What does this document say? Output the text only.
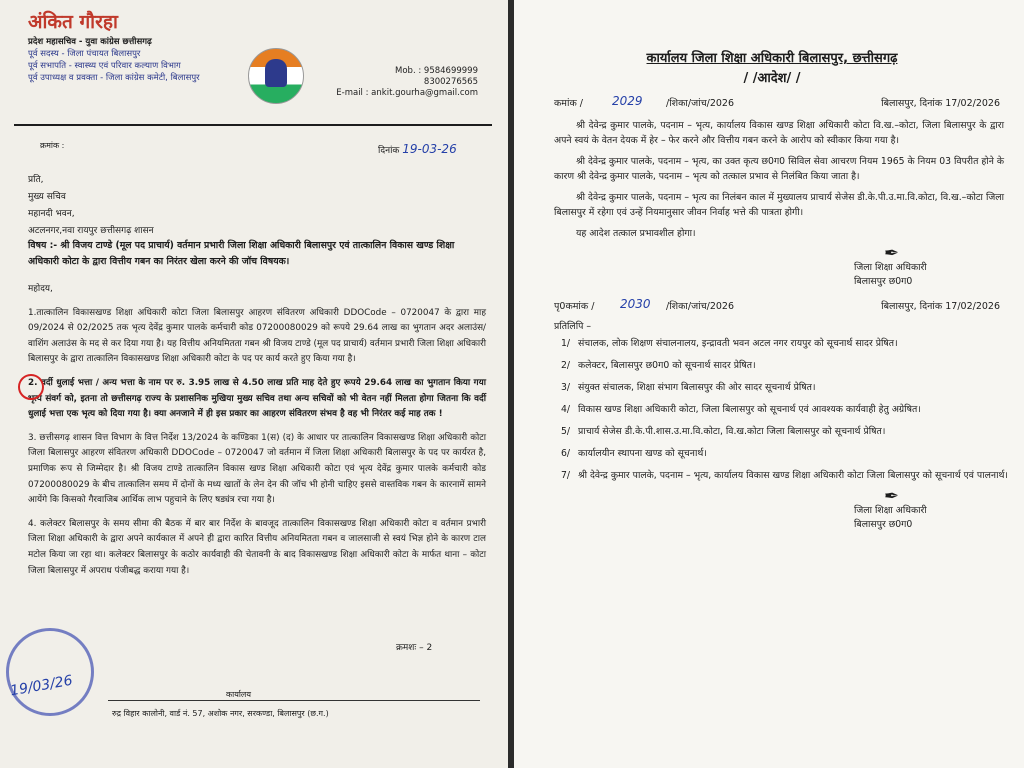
अंकित गौरहा
प्रदेश महासचिव - युवा कांग्रेस छत्तीसगढ़
पूर्व सदस्य - जिला पंचायत बिलासपुर
पूर्व सभापति - स्वास्थ्य एवं परिवार कल्याण विभाग
पूर्व उपाध्यक्ष व प्रवक्ता - जिला कांग्रेस कमेटी, बिलासपुर
Mob. : 9584699999
8300276565
E-mail : ankit.gourha@gmail.com
क्रमांक :
दिनांक 19-03-26
प्रति,
मुख्य सचिव
महानदी भवन,
अटलनगर,नवा रायपुर छत्तीसगढ़ शासन
विषय :- श्री विजय टाण्डे (मूल पद प्राचार्य) वर्तमान प्रभारी जिला शिक्षा अधिकारी बिलासपुर एवं तात्कालिन विकास खण्ड शिक्षा अधिकारी कोटा के द्वारा वित्तीय गबन का निरंतर खेला करने की जॉच विषयक।

महोदय,

1.तात्कालिन विकासखण्ड शिक्षा अधिकारी कोटा जिला बिलासपुर आहरण संवितरण अधिकारी DDOCode – 0720047 के द्वारा माह 09/2024 से 02/2025 तक भृत्य देवेंद्र कुमार पालके कर्मचारी कोड 07200080029 को रूपये 29.64 लाख का भुगतान अदर अलाउंस/वाशिंग अलाउंस के मद से कर दिया गया है। यह वित्तीय अनियमितता गबन श्री विजय टाण्डे (मूल पद प्राचार्य) वर्तमान प्रभारी जिला शिक्षा अधिकारी बिलासपुर के द्वारा तात्कालिन विकासखण्ड शिक्षा अधिकारी कोटा के पद पर कार्य करते हुए किया गया है।

2. वर्दी धुलाई भत्ता / अन्य भत्ता के नाम पर रु. 3.95 लाख से 4.50 लाख प्रति माह देते हुए रूपये 29.64 लाख का भुगतान किया गया भृत्य संवर्ग को, इतना तो छत्तीसगढ़ राज्य के प्रशासनिक मुखिया मुख्य सचिव तथा अन्य सचिवों को भी वेतन नहीं मिलता होगा जितना कि वर्दी धुलाई भत्ता एक भृत्य को दिया गया है। क्या अनजाने में ही इस प्रकार का आहरण संवितरण संभव है वह भी निरंतर कई माह तक !

3. छत्तीसगढ़ शासन वित्त विभाग के वित्त निर्देश 13/2024 के कण्डिका 1(स) (द) के आधार पर तात्कालिन विकासखण्ड शिक्षा अधिकारी कोटा जिला बिलासपुर आहरण संवितरण अधिकारी DDOCode – 0720047 जो वर्तमान में जिला शिक्षा अधिकारी बिलासपुर के पद पर कार्यरत है, प्रमाणिक रूप से जिम्मेदार है। श्री विजय टाण्डे तात्कालिन विकास खण्ड शिक्षा अधिकारी कोटा एवं भृत्य देवेंद्र कुमार पालके कर्मचारी कोड 07200080029 के बीच तात्कालिन समय में दोनों के मध्य खातों के लेन देन की जॉच भी होनी चाहिए इससे वास्तविक गबन के कारनामें सामने आयेंगे कि किसको गैरवाजिब आर्थिक लाभ पहुचाने के लिए षड्यंत्र रचा गया है।

4. कलेक्टर बिलासपुर के समय सीमा की बैठक में बार बार निर्देश के बावजूद तात्कालिन विकासखण्ड शिक्षा अधिकारी कोटा व वर्तमान प्रभारी जिला शिक्षा अधिकारी के द्वारा अपने कार्यकाल में अपने ही द्वारा कारित वित्तीय अनियमितता गबन व जालसाजी से स्वयं भिज्ञ होने के कारण टाल मटोल किया जा रहा था। कलेक्टर बिलासपुर के कठोर कार्यवाही की चेतावनी के बाद विकासखण्ड शिक्षा अधिकारी कोटा के मार्फत थाना – कोटा जिला बिलासपुर में अपराध पंजीबद्ध कराया गया है।

क्रमशः – 2
19/03/26	कार्यालय
रुद्र विहार कालोनी, वार्ड नं. 57, अशोक नगर, सरकण्डा, बिलासपुर (छ.ग.)
कार्यालय जिला शिक्षा अधिकारी बिलासपुर, छत्तीसगढ़
/ /आदेश/ /
कमांक / 2029 /शिका/जांच/2026	बिलासपुर, दिनांक 17/02/2026

श्री देवेन्द्र कुमार पालके, पदनाम – भृत्य, कार्यालय विकास खण्ड शिक्षा अधिकारी कोटा वि.ख.–कोटा, जिला बिलासपुर के द्वारा अपने स्वयं के वेतन देयक में हेर – फेर करने और वित्तीय गबन करने के आरोप को स्वीकार किया गया है।

श्री देवेन्द्र कुमार पालके, पदनाम – भृत्य, का उक्त कृत्य छ0ग0 सिविल सेवा आचरण नियम 1965 के नियम 03 विपरीत होने के कारण श्री देवेन्द्र कुमार पालके, पदनाम – भृत्य को तत्काल प्रभाव से निलंबित किया जाता है।

श्री देवेन्द्र कुमार पालके, पदनाम – भृत्य का निलंबन काल में मुख्यालय प्राचार्य सेजेस डी.के.पी.उ.मा.वि.कोटा, वि.ख.–कोटा जिला बिलासपुर में रहेगा एवं उन्हें नियमानुसार जीवन निर्वाह भत्ते की पात्रता होगी।

यह आदेश तत्काल प्रभावशील होगा।

✒
जिला शिक्षा अधिकारी
बिलासपुर छ0ग0
पृ0कमांक / 2030 /शिका/जांच/2026	बिलासपुर, दिनांक 17/02/2026
प्रतिलिपि –
1/ संचालक, लोक शिक्षण संचालनालय, इन्द्रावती भवन अटल नगर रायपुर को सूचनार्थ सादर प्रेषित।
2/ कलेक्टर, बिलासपुर छ0ग0 को सूचनार्थ सादर प्रेषित।
3/ संयुक्त संचालक, शिक्षा संभाग बिलासपुर की ओर सादर सूचनार्थ प्रेषित।
4/ विकास खण्ड शिक्षा अधिकारी कोटा, जिला बिलासपुर को सूचनार्थ एवं आवश्यक कार्यवाही हेतु अग्रेषित।
5/ प्राचार्य सेजेस डी.के.पी.शास.उ.मा.वि.कोटा, वि.ख.कोटा जिला बिलासपुर को सूचनार्थ प्रेषित।
6/ कार्यालयीन स्थापना खण्ड को सूचनार्थ।
7/ श्री देवेन्द्र कुमार पालके, पदनाम – भृत्य, कार्यालय विकास खण्ड शिक्षा अधिकारी कोटा जिला बिलासपुर को सूचनार्थ एवं पालनार्थ।
✒
जिला शिक्षा अधिकारी
बिलासपुर छ0ग0
